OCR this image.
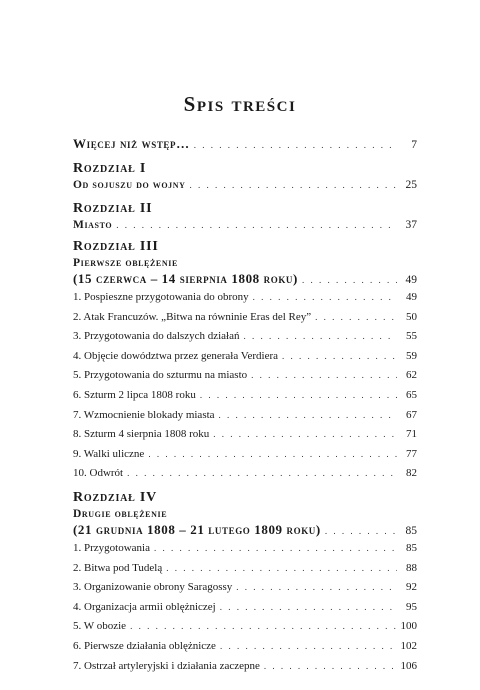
Spis treści
Więcej niż wstęp… . . .	7
Rozdział I
Od sojuszu do wojny . . .	25
Rozdział II
Miasto . . .	37
Rozdział III
Pierwsze oblężenie
(15 czerwca – 14 sierpnia 1808 roku) . . .	49
1. Pospieszne przygotowania do obrony . . .	49
2. Atak Francuzów. „Bitwa na równinie Eras del Rey” . . .	50
3. Przygotowania do dalszych działań . . .	55
4. Objęcie dowództwa przez generała Verdiera . . .	59
5. Przygotowania do szturmu na miasto . . .	62
6. Szturm 2 lipca 1808 roku . . .	65
7. Wzmocnienie blokady miasta . . .	67
8. Szturm 4 sierpnia 1808 roku . . .	71
9. Walki uliczne . . .	77
10. Odwrót . . .	82
Rozdział IV
Drugie oblężenie
(21 grudnia 1808 – 21 lutego 1809 roku) . . .	85
1. Przygotowania . . .	85
2. Bitwa pod Tudelą . . .	88
3. Organizowanie obrony Saragossy . . .	92
4. Organizacja armii oblężniczej . . .	95
5. W obozie . . .	100
6. Pierwsze działania oblężnicze . . .	102
7. Ostrzał artyleryjski i działania zaczepne . . .	106
